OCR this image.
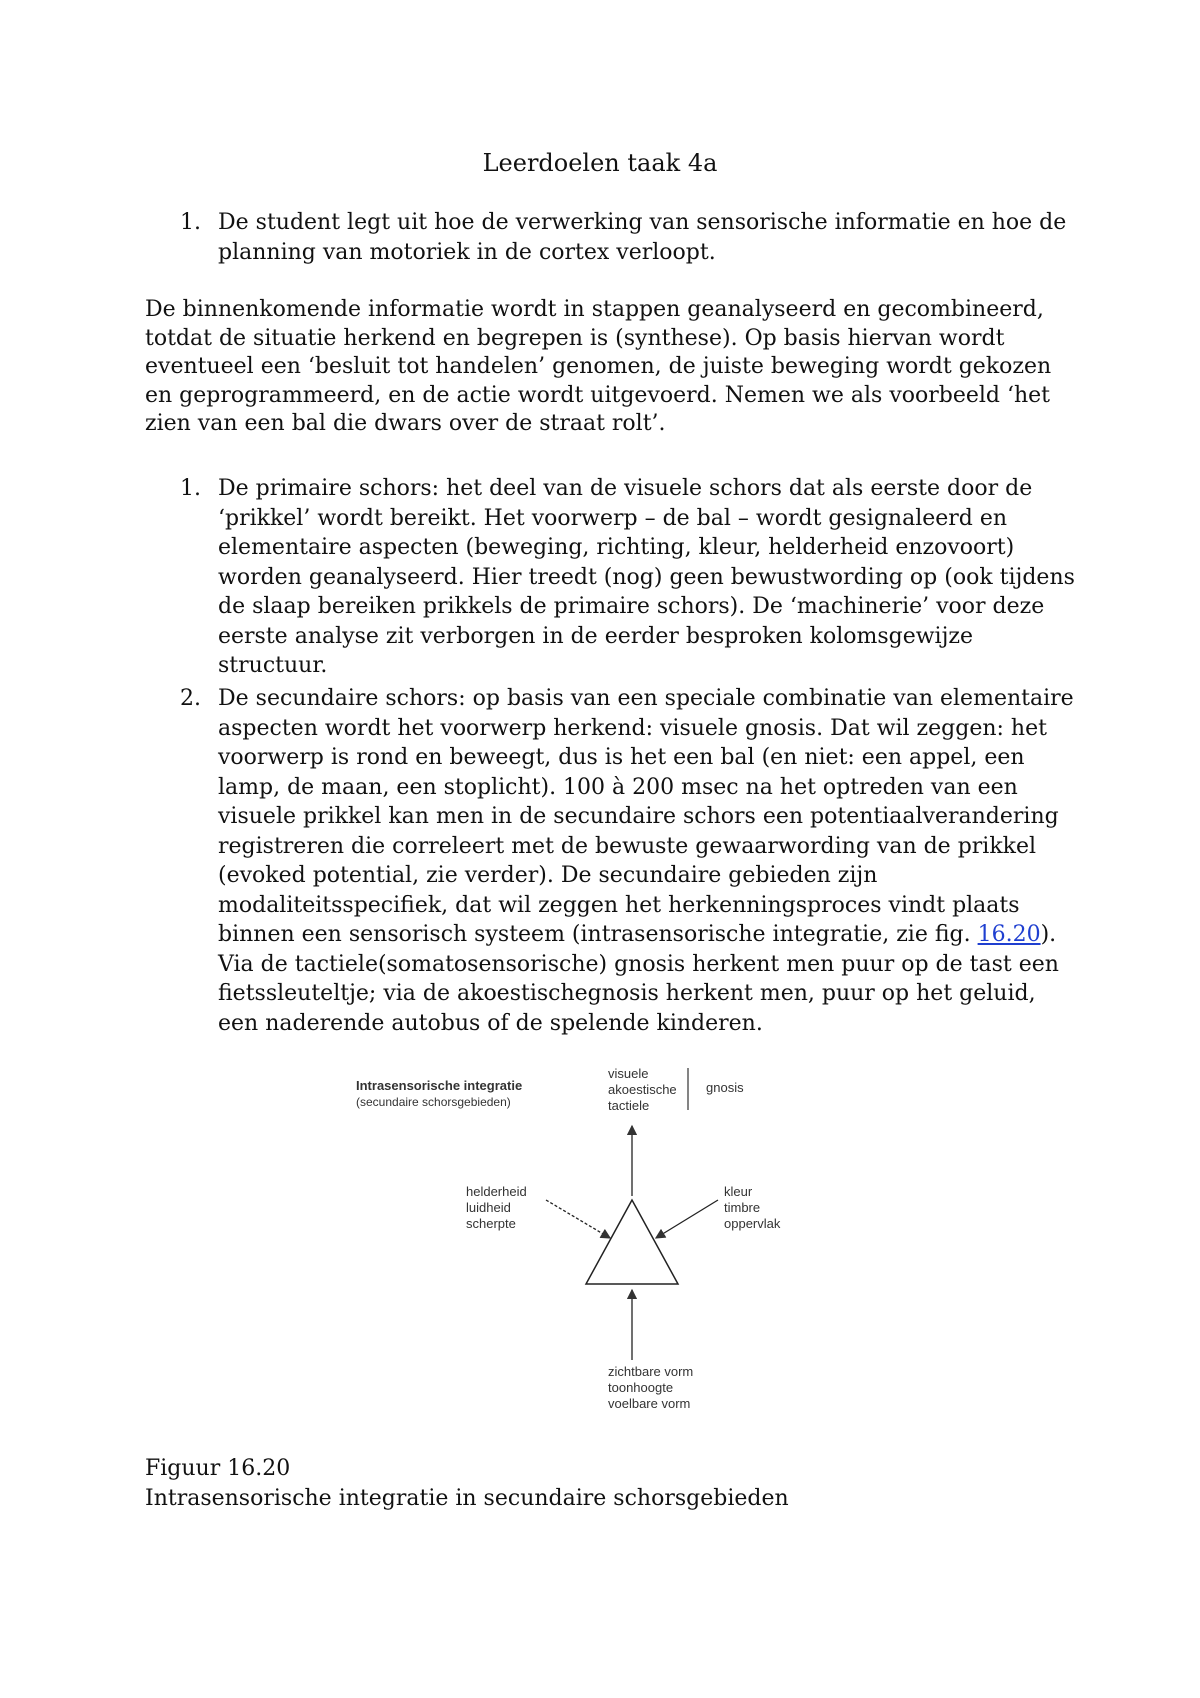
Leerdoelen taak 4a
1. De student legt uit hoe de verwerking van sensorische informatie en hoe de planning van motoriek in de cortex verloopt.
De binnenkomende informatie wordt in stappen geanalyseerd en gecombineerd, totdat de situatie herkend en begrepen is (synthese). Op basis hiervan wordt eventueel een ‘besluit tot handelen’ genomen, de juiste beweging wordt gekozen en geprogrammeerd, en de actie wordt uitgevoerd. Nemen we als voorbeeld ‘het zien van een bal die dwars over de straat rolt’.
1. De primaire schors: het deel van de visuele schors dat als eerste door de ‘prikkel’ wordt bereikt. Het voorwerp – de bal – wordt gesignaleerd en elementaire aspecten (beweging, richting, kleur, helderheid enzovoort) worden geanalyseerd. Hier treedt (nog) geen bewustwording op (ook tijdens de slaap bereiken prikkels de primaire schors). De ‘machinerie’ voor deze eerste analyse zit verborgen in de eerder besproken kolomsgewijze structuur.
2. De secundaire schors: op basis van een speciale combinatie van elementaire aspecten wordt het voorwerp herkend: visuele gnosis. Dat wil zeggen: het voorwerp is rond en beweegt, dus is het een bal (en niet: een appel, een lamp, de maan, een stoplicht). 100 à 200 msec na het optreden van een visuele prikkel kan men in de secundaire schors een potentiaalverandering registreren die correleert met de bewuste gewaarwording van de prikkel (evoked potential, zie verder). De secundaire gebieden zijn modaliteitsspecifiek, dat wil zeggen het herkenningsproces vindt plaats binnen een sensorisch systeem (intrasensorische integratie, zie fig. 16.20). Via de tactiele(somatosensorische) gnosis herkent men puur op de tast een fietssleuteltje; via de akoestischegnosis herkent men, puur op het geluid, een naderende autobus of de spelende kinderen.
Intrasensorische integratie
(secundaire schorsgebieden)
visuele
akoestische
tactiele
gnosis
helderheid
luidheid
scherpte
kleur
timbre
oppervlak
zichtbare vorm
toonhoogte
voelbare vorm
Figuur 16.20
Intrasensorische integratie in secundaire schorsgebieden
